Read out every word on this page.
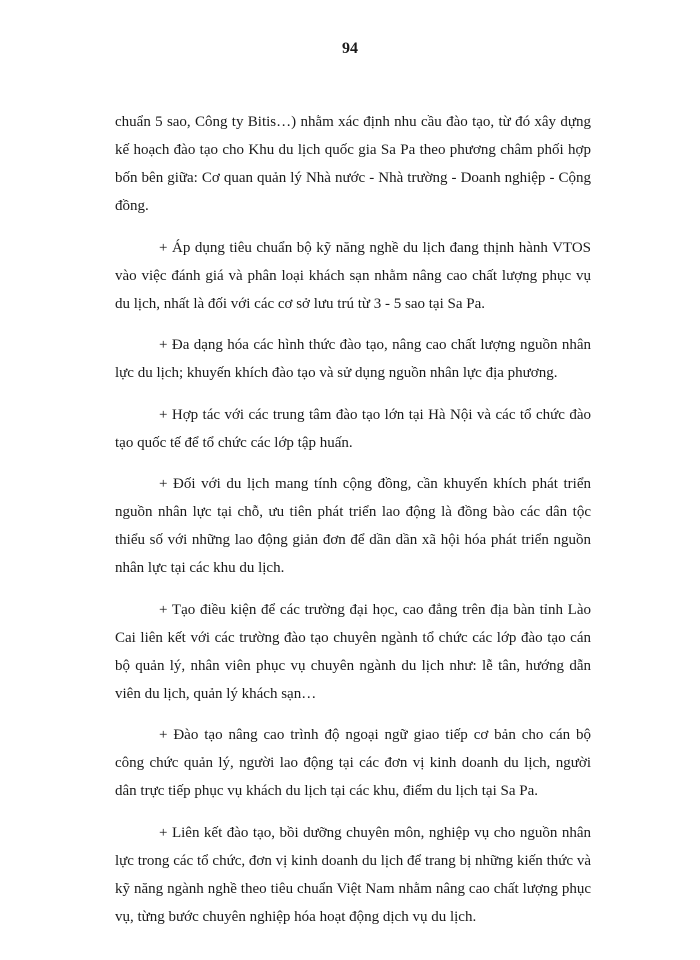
94

chuẩn 5 sao, Công ty Bitis…) nhằm xác định nhu cầu đào tạo, từ đó xây dựng kế hoạch đào tạo cho Khu du lịch quốc gia Sa Pa theo phương châm phối hợp bốn bên giữa: Cơ quan quản lý Nhà nước - Nhà trường - Doanh nghiệp - Cộng đồng.

+ Áp dụng tiêu chuẩn bộ kỹ năng nghề du lịch đang thịnh hành VTOS vào việc đánh giá và phân loại khách sạn nhằm nâng cao chất lượng phục vụ du lịch, nhất là đối với các cơ sở lưu trú từ 3 - 5 sao tại Sa Pa.

+ Đa dạng hóa các hình thức đào tạo, nâng cao chất lượng nguồn nhân lực du lịch; khuyến khích đào tạo và sử dụng nguồn nhân lực địa phương.

+ Hợp tác với các trung tâm đào tạo lớn tại Hà Nội và các tổ chức đào tạo quốc tế để tổ chức các lớp tập huấn.

+ Đối với du lịch mang tính cộng đồng, cần khuyến khích phát triển nguồn nhân lực tại chỗ, ưu tiên phát triển lao động là đồng bào các dân tộc thiểu số với những lao động giản đơn để dần dần xã hội hóa phát triển nguồn nhân lực tại các khu du lịch.

+ Tạo điều kiện để các trường đại học, cao đẳng trên địa bàn tỉnh Lào Cai liên kết với các trường đào tạo chuyên ngành tổ chức các lớp đào tạo cán bộ quản lý, nhân viên phục vụ chuyên ngành du lịch như: lễ tân, hướng dẫn viên du lịch, quản lý khách sạn…

+ Đào tạo nâng cao trình độ ngoại ngữ giao tiếp cơ bản cho cán bộ công chức quản lý, người lao động tại các đơn vị kinh doanh du lịch, người dân trực tiếp phục vụ khách du lịch tại các khu, điểm du lịch tại Sa Pa.

+ Liên kết đào tạo, bồi dưỡng chuyên môn, nghiệp vụ cho nguồn nhân lực trong các tổ chức, đơn vị kinh doanh du lịch để trang bị những kiến thức và kỹ năng ngành nghề theo tiêu chuẩn Việt Nam nhằm nâng cao chất lượng phục vụ, từng bước chuyên nghiệp hóa hoạt động dịch vụ du lịch.
